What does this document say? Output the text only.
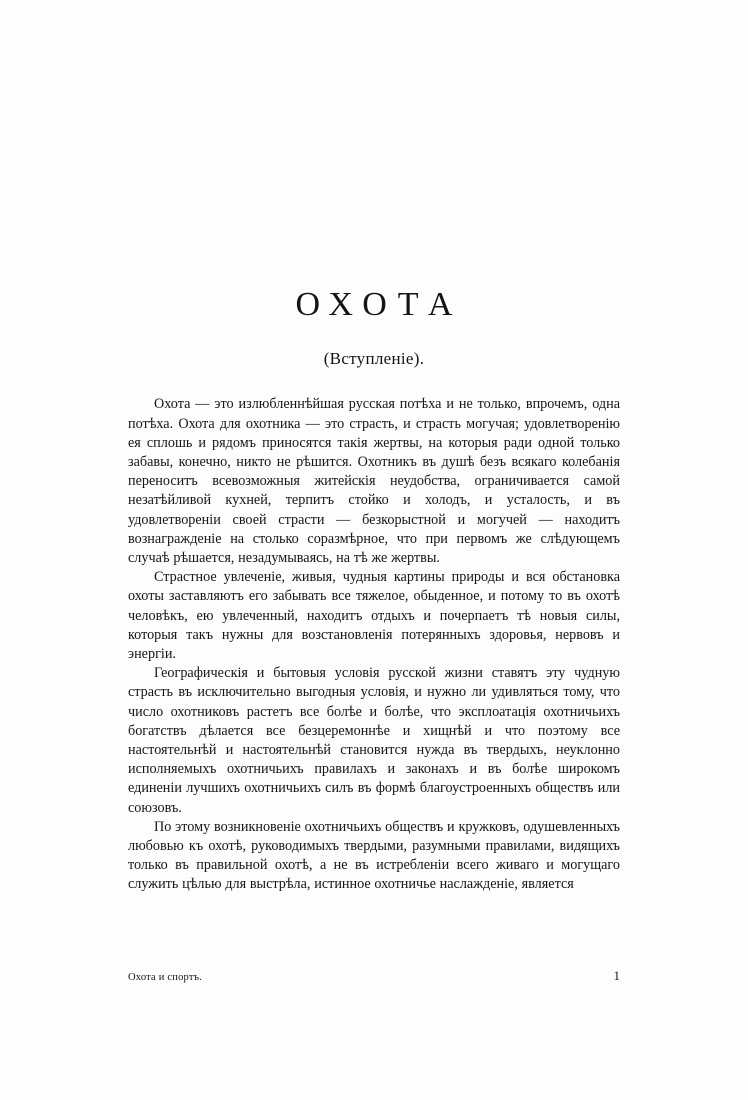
ОХОТА
(Вступленіе).

Охота — это излюбленнѣйшая русская потѣха и не только, впрочемъ, одна потѣха. Охота для охотника — это страсть, и страсть могучая; удовлетворенію ея сплошь и рядомъ приносятся такія жертвы, на которыя ради одной только забавы, конечно, никто не рѣшится. Охотникъ въ душѣ безъ всякаго колебанія переноситъ всевозможныя житейскія неудобства, ограничивается самой незатѣйливой кухней, терпитъ стойко и холодъ, и усталость, и въ удовлетвореніи своей страсти — безкорыстной и могучей — находитъ вознагражденіе на столько соразмѣрное, что при первомъ же слѣдующемъ случаѣ рѣшается, незадумываясь, на тѣ же жертвы.

Страстное увлеченіе, живыя, чудныя картины природы и вся обстановка охоты заставляютъ его забывать все тяжелое, обыденное, и потому то въ охотѣ человѣкъ, ею увлеченный, находитъ отдыхъ и почерпаетъ тѣ новыя силы, которыя такъ нужны для возстановленія потерянныхъ здоровья, нервовъ и энергіи.

Географическія и бытовыя условія русской жизни ставятъ эту чудную страсть въ исключительно выгодныя условія, и нужно ли удивляться тому, что число охотниковъ растетъ все болѣе и болѣе, что эксплоатація охотничьихъ богатствъ дѣлается все безцеремоннѣе и хищнѣй и что поэтому все настоятельнѣй и настоятельнѣй становится нужда въ твердыхъ, неуклонно исполняемыхъ охотничьихъ правилахъ и законахъ и въ болѣе широкомъ единеніи лучшихъ охотничьихъ силъ въ формѣ благоустроенныхъ обществъ или союзовъ.

По этому возникновеніе охотничьихъ обществъ и кружковъ, одушевленныхъ любовью къ охотѣ, руководимыхъ твердыми, разумными правилами, видящихъ только въ правильной охотѣ, а не въ истребленіи всего живаго и могущаго служить цѣлью для выстрѣла, истинное охотничье наслажденіе, является

Охота и спортъ.	1
